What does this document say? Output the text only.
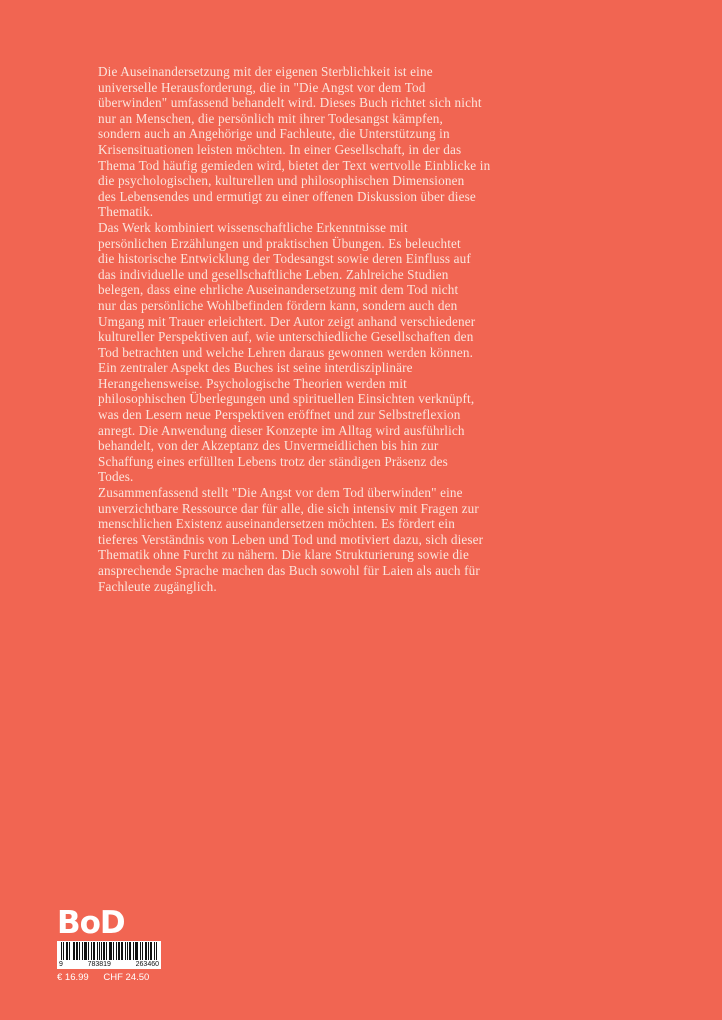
Die Auseinandersetzung mit der eigenen Sterblichkeit ist eine
universelle Herausforderung, die in "Die Angst vor dem Tod
überwinden" umfassend behandelt wird. Dieses Buch richtet sich nicht
nur an Menschen, die persönlich mit ihrer Todesangst kämpfen,
sondern auch an Angehörige und Fachleute, die Unterstützung in
Krisensituationen leisten möchten. In einer Gesellschaft, in der das
Thema Tod häufig gemieden wird, bietet der Text wertvolle Einblicke in
die psychologischen, kulturellen und philosophischen Dimensionen
des Lebensendes und ermutigt zu einer offenen Diskussion über diese
Thematik.

Das Werk kombiniert wissenschaftliche Erkenntnisse mit
persönlichen Erzählungen und praktischen Übungen. Es beleuchtet
die historische Entwicklung der Todesangst sowie deren Einfluss auf
das individuelle und gesellschaftliche Leben. Zahlreiche Studien
belegen, dass eine ehrliche Auseinandersetzung mit dem Tod nicht
nur das persönliche Wohlbefinden fördern kann, sondern auch den
Umgang mit Trauer erleichtert. Der Autor zeigt anhand verschiedener
kultureller Perspektiven auf, wie unterschiedliche Gesellschaften den
Tod betrachten und welche Lehren daraus gewonnen werden können.

Ein zentraler Aspekt des Buches ist seine interdisziplinäre
Herangehensweise. Psychologische Theorien werden mit
philosophischen Überlegungen und spirituellen Einsichten verknüpft,
was den Lesern neue Perspektiven eröffnet und zur Selbstreflexion
anregt. Die Anwendung dieser Konzepte im Alltag wird ausführlich
behandelt, von der Akzeptanz des Unvermeidlichen bis hin zur
Schaffung eines erfüllten Lebens trotz der ständigen Präsenz des
Todes.

Zusammenfassend stellt "Die Angst vor dem Tod überwinden" eine
unverzichtbare Ressource dar für alle, die sich intensiv mit Fragen zur
menschlichen Existenz auseinandersetzen möchten. Es fördert ein
tieferes Verständnis von Leben und Tod und motiviert dazu, sich dieser
Thematik ohne Furcht zu nähern. Die klare Strukturierung sowie die
ansprechende Sprache machen das Buch sowohl für Laien als auch für
Fachleute zugänglich.

BoD
9	783819	263460
€ 16.99 CHF 24.50
